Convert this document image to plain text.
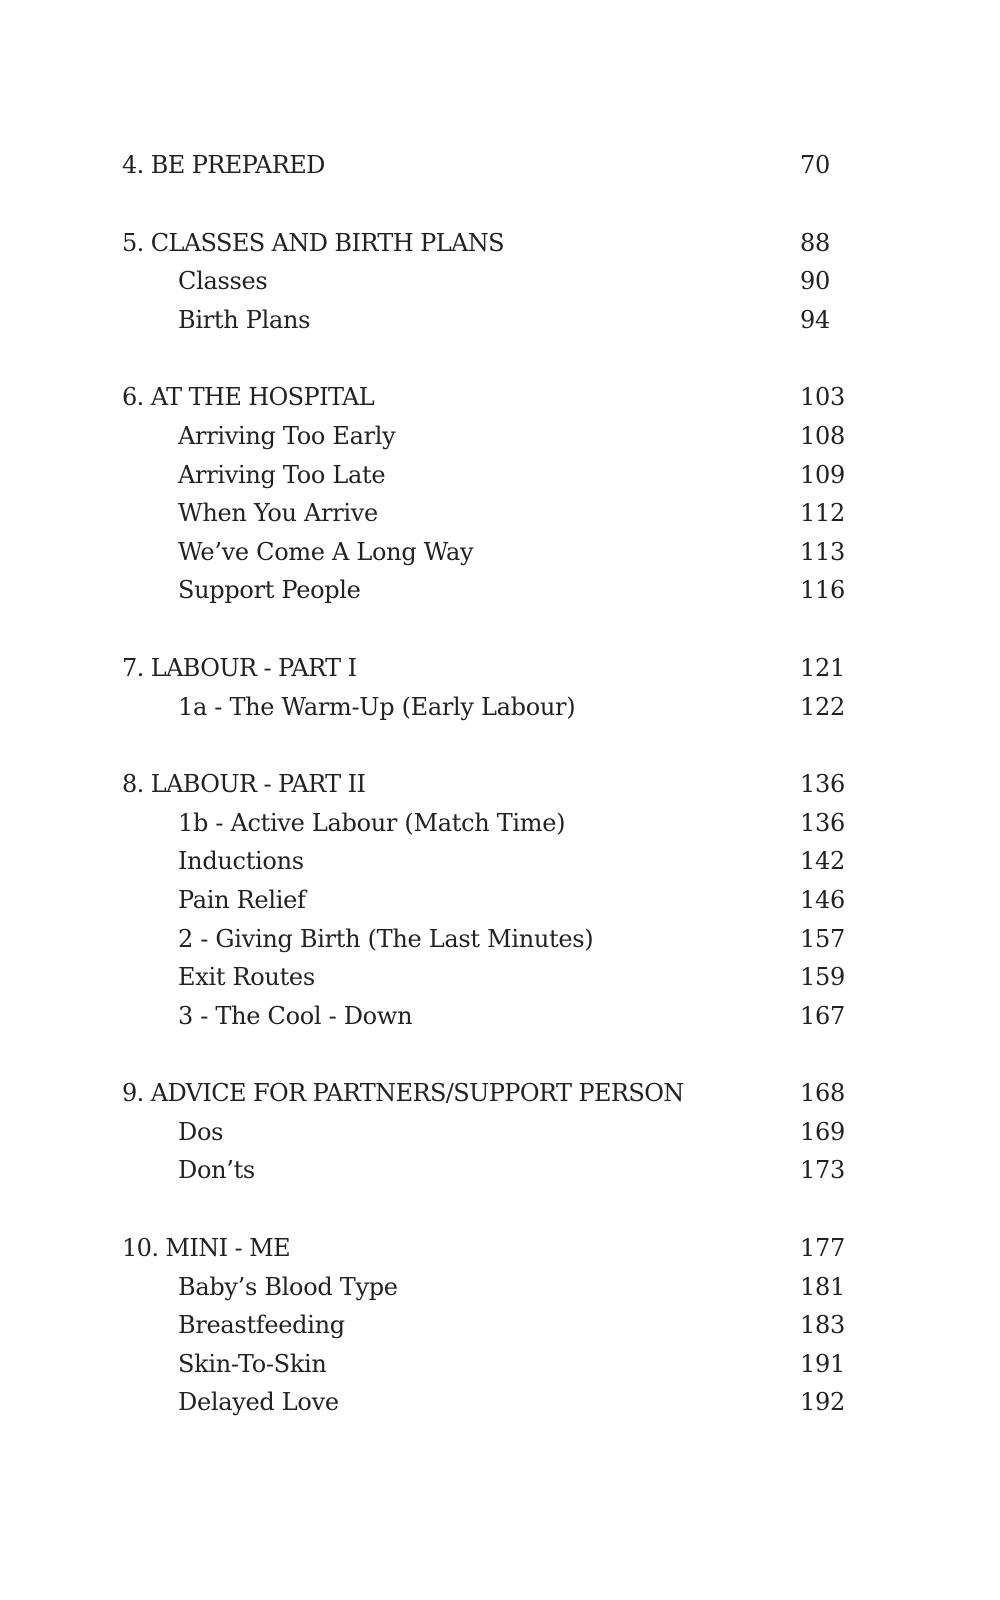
4. BE PREPARED	70
5. CLASSES AND BIRTH PLANS	88
Classes	90
Birth Plans	94
6. AT THE HOSPITAL	103
Arriving Too Early	108
Arriving Too Late	109
When You Arrive	112
We’ve Come A Long Way	113
Support People	116
7. LABOUR - PART I	121
1a - The Warm-Up (Early Labour)	122
8. LABOUR - PART II	136
1b - Active Labour (Match Time)	136
Inductions	142
Pain Relief	146
2 - Giving Birth (The Last Minutes)	157
Exit Routes	159
3 - The Cool - Down	167
9. ADVICE FOR PARTNERS/SUPPORT PERSON	168
Dos	169
Don’ts	173
10. MINI - ME	177
Baby’s Blood Type	181
Breastfeeding	183
Skin-To-Skin	191
Delayed Love	192
